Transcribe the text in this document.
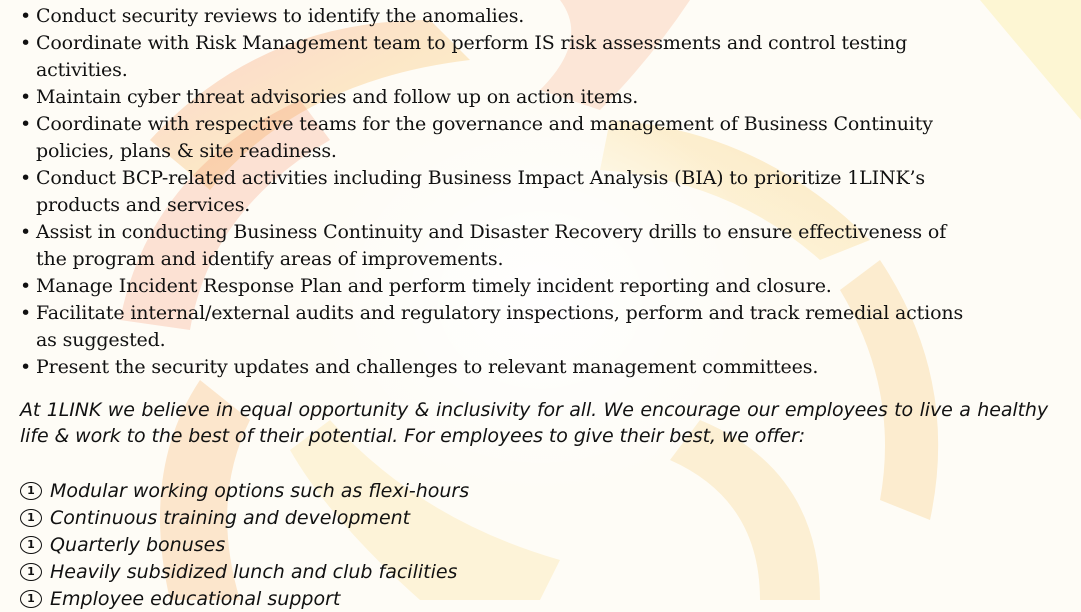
• Conduct security reviews to identify the anomalies.
• Coordinate with Risk Management team to perform IS risk assessments and control testing
activities.
• Maintain cyber threat advisories and follow up on action items.
• Coordinate with respective teams for the governance and management of Business Continuity
policies, plans & site readiness.
• Conduct BCP-related activities including Business Impact Analysis (BIA) to prioritize 1LINK’s
products and services.
• Assist in conducting Business Continuity and Disaster Recovery drills to ensure effectiveness of
the program and identify areas of improvements.
• Manage Incident Response Plan and perform timely incident reporting and closure.
• Facilitate internal/external audits and regulatory inspections, perform and track remedial actions
as suggested.
• Present the security updates and challenges to relevant management committees.
At 1LINK we believe in equal opportunity & inclusivity for all. We encourage our employees to live a healthy life & work to the best of their potential. For employees to give their best, we offer:
1 Modular working options such as flexi-hours
1 Continuous training and development
1 Quarterly bonuses
1 Heavily subsidized lunch and club facilities
1 Employee educational support
